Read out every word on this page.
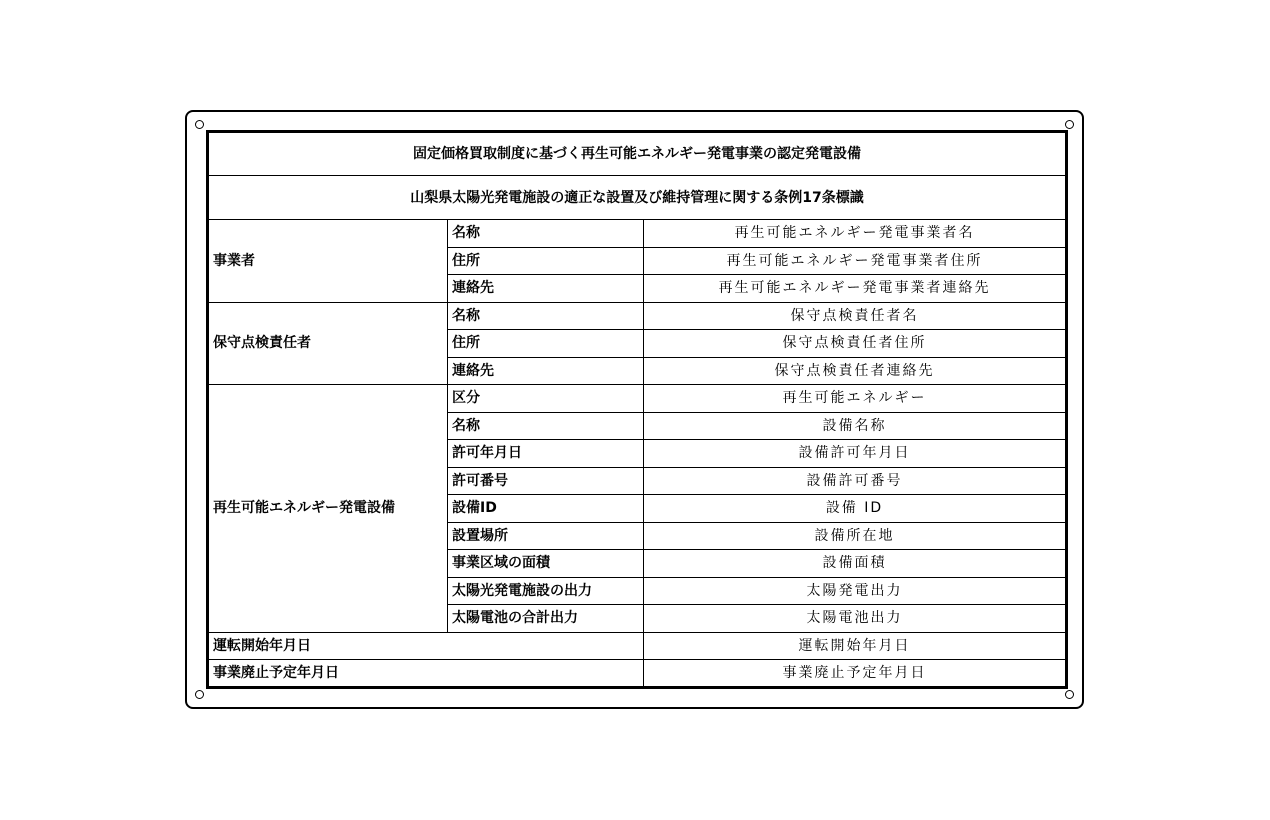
固定価格買取制度に基づく再生可能エネルギー発電事業の認定発電設備		
山梨県太陽光発電施設の適正な設置及び維持管理に関する条例17条標識		
事業者	名称	再生可能エネルギー発電事業者名
	住所	再生可能エネルギー発電事業者住所
	連絡先	再生可能エネルギー発電事業者連絡先
保守点検責任者	名称	保守点検責任者名
	住所	保守点検責任者住所
	連絡先	保守点検責任者連絡先
再生可能エネルギー発電設備	区分	再生可能エネルギー
	名称	設備名称
	許可年月日	設備許可年月日
	許可番号	設備許可番号
	設備ID	設備 ID
	設置場所	設備所在地
	事業区域の面積	設備面積
	太陽光発電施設の出力	太陽発電出力
	太陽電池の合計出力	太陽電池出力
運転開始年月日		運転開始年月日
事業廃止予定年月日		事業廃止予定年月日
